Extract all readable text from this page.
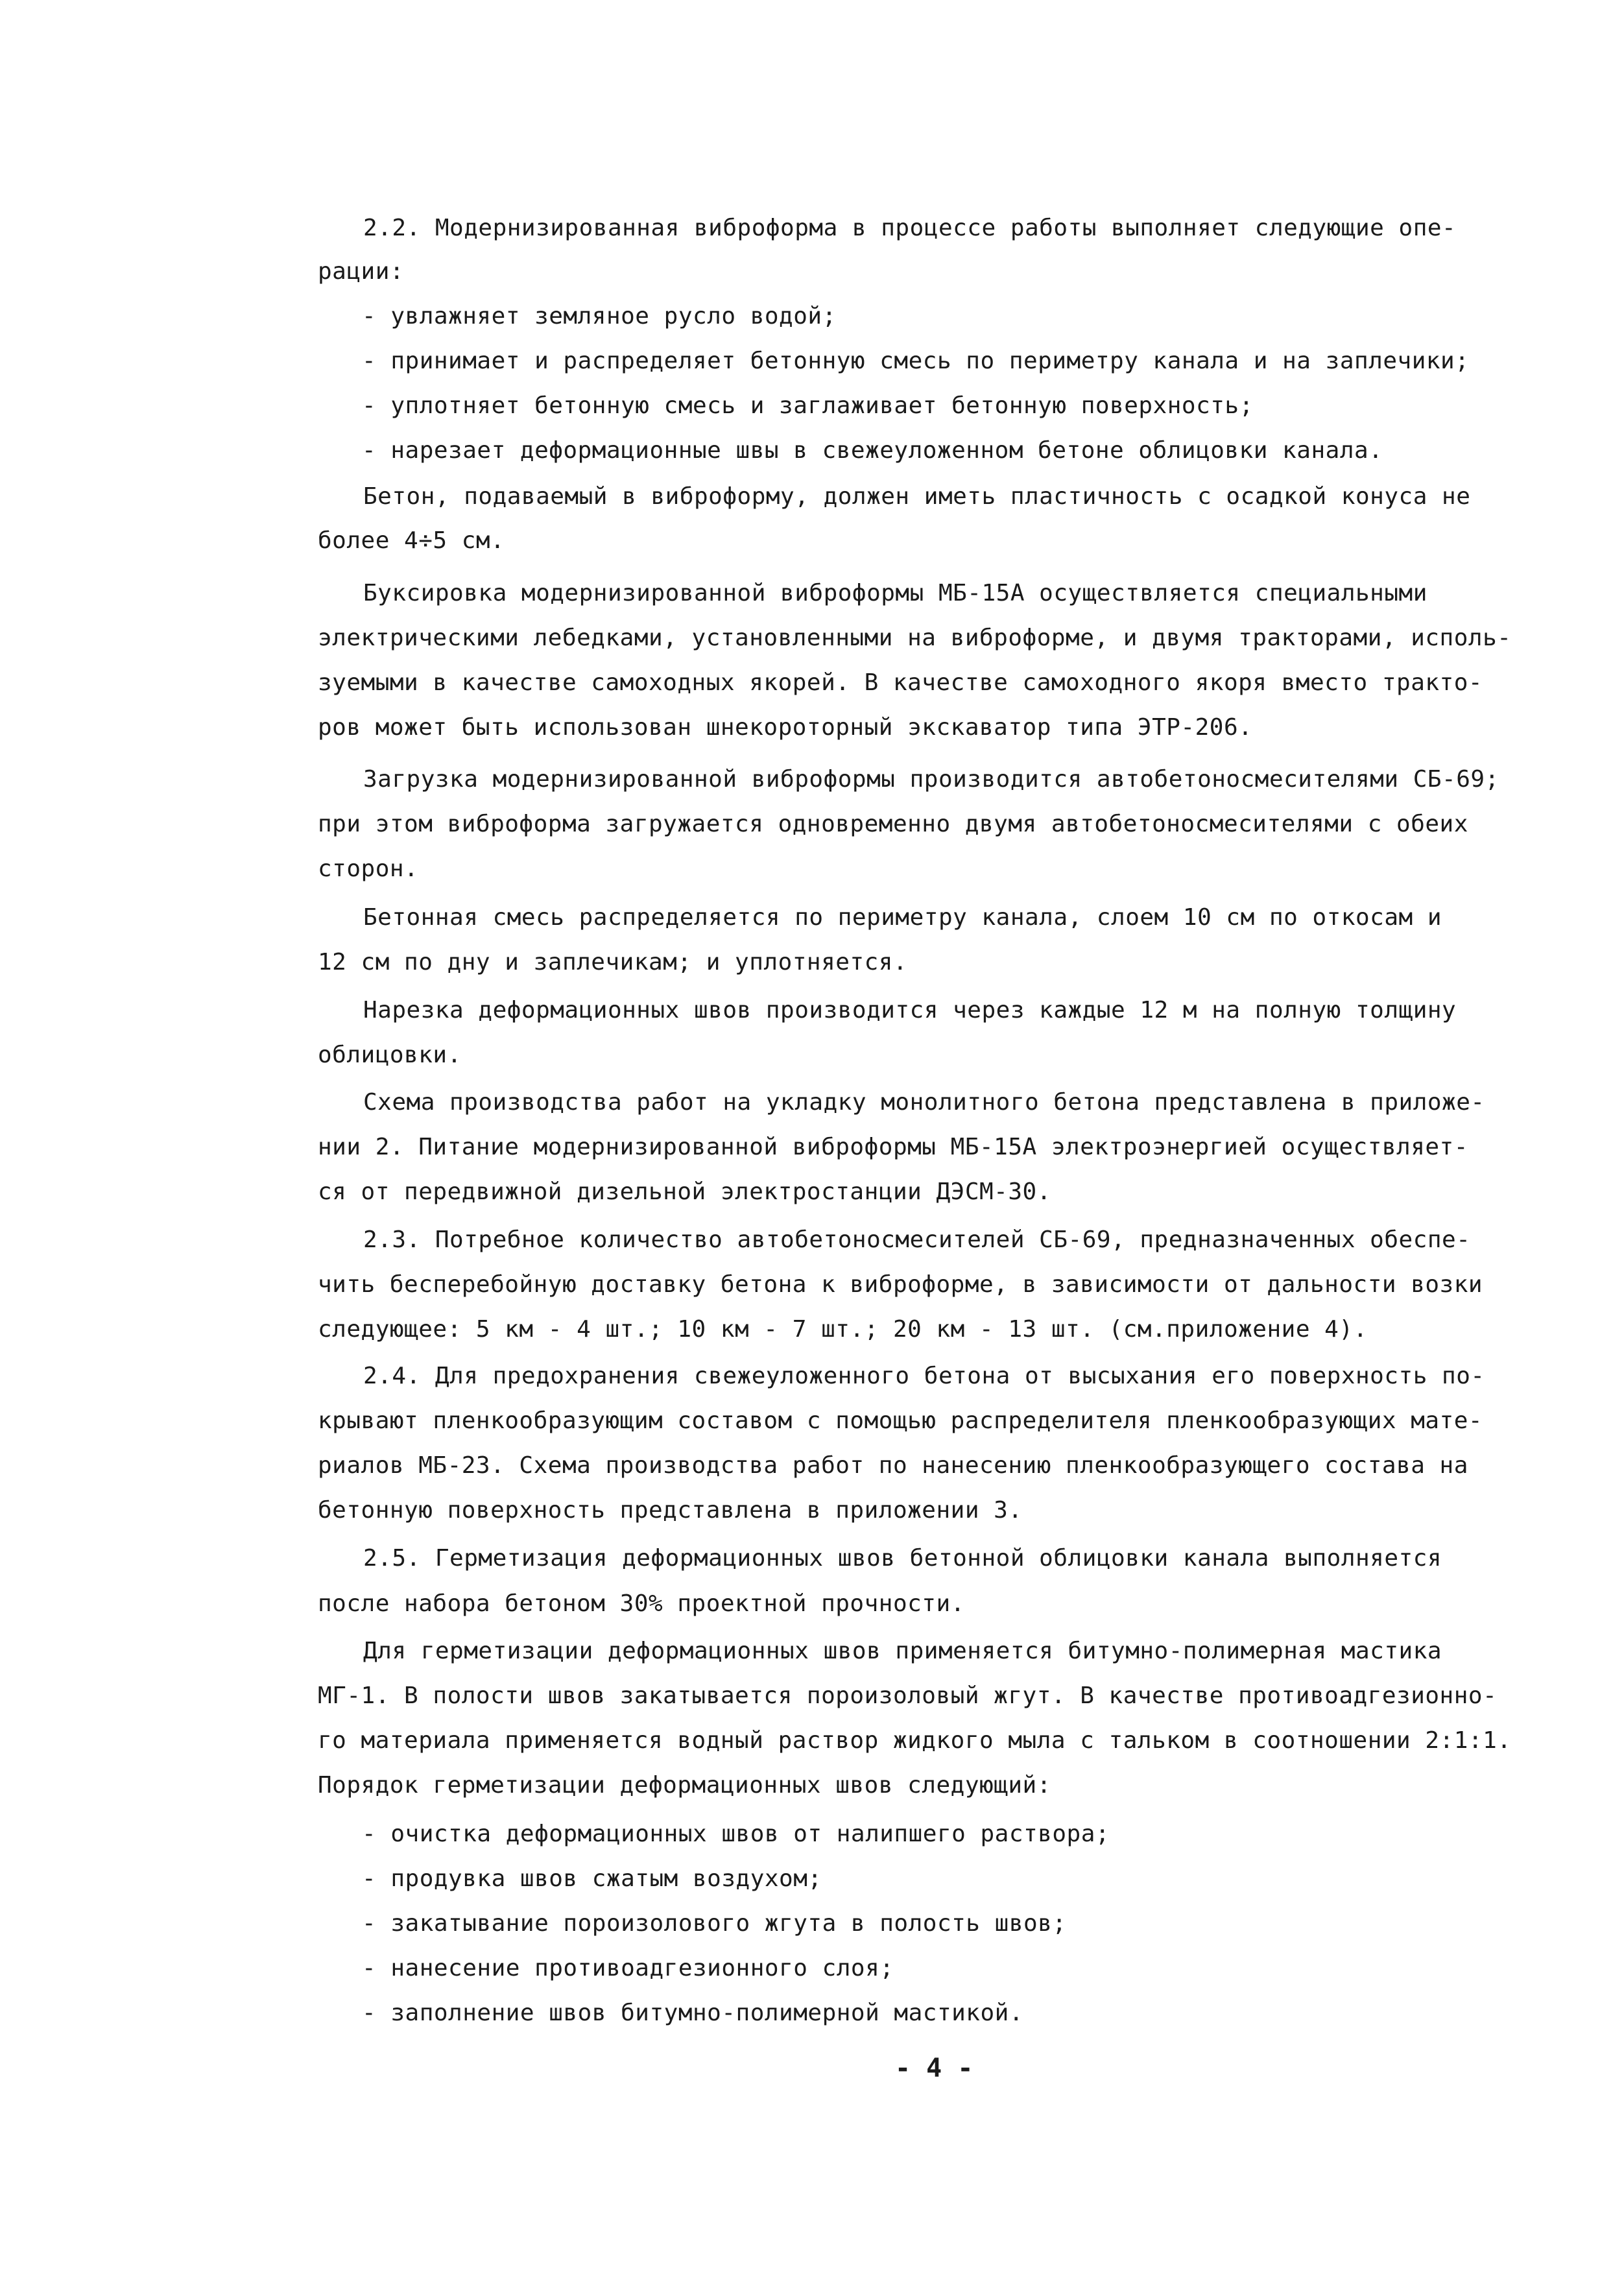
2.2. Модернизированная виброформа в процессе работы выполняет следующие опе-
рации:
- увлажняет земляное русло водой;
- принимает и распределяет бетонную смесь по периметру канала и на заплечики;
- уплотняет бетонную смесь и заглаживает бетонную поверхность;
- нарезает деформационные швы в свежеуложенном бетоне облицовки канала.
Бетон, подаваемый в виброформу, должен иметь пластичность с осадкой конуса не
более 4÷5 см.
Буксировка модернизированной виброформы МБ-15А осуществляется специальными
электрическими лебедками, установленными на виброформе, и двумя тракторами, исполь-
зуемыми в качестве самоходных якорей. В качестве самоходного якоря вместо тракто-
ров может быть использован шнекороторный экскаватор типа ЭТР-206.
Загрузка модернизированной виброформы производится автобетоносмесителями СБ-69;
при этом виброформа загружается одновременно двумя автобетоносмесителями с обеих
сторон.
Бетонная смесь распределяется по периметру канала, слоем 10 см по откосам и
12 см по дну и заплечикам; и уплотняется.
Нарезка деформационных швов производится через каждые 12 м на полную толщину
облицовки.
Схема производства работ на укладку монолитного бетона представлена в приложе-
нии 2. Питание модернизированной виброформы МБ-15А электроэнергией осуществляет-
ся от передвижной дизельной электростанции ДЭСМ-30.
2.3. Потребное количество автобетоносмесителей СБ-69, предназначенных обеспе-
чить бесперебойную доставку бетона к виброформе, в зависимости от дальности возки
следующее: 5 км - 4 шт.; 10 км - 7 шт.; 20 км - 13 шт. (см.приложение 4).
2.4. Для предохранения свежеуложенного бетона от высыхания его поверхность по-
крывают пленкообразующим составом с помощью распределителя пленкообразующих мате-
риалов МБ-23. Схема производства работ по нанесению пленкообразующего состава на
бетонную поверхность представлена в приложении 3.
2.5. Герметизация деформационных швов бетонной облицовки канала выполняется
после набора бетоном 30% проектной прочности.
Для герметизации деформационных швов применяется битумно-полимерная мастика
МГ-1. В полости швов закатывается порoизоловый жгут. В качестве противоадгезионно-
го материала применяется водный раствор жидкого мыла с тальком в соотношении 2:1:1.
Порядок герметизации деформационных швов следующий:
- очистка деформационных швов от налипшего раствора;
- продувка швов сжатым воздухом;
- закатывание порoизолового жгута в полость швов;
- нанесение противоадгезионного слоя;
- заполнение швов битумно-полимерной мастикой.
- 4 -
